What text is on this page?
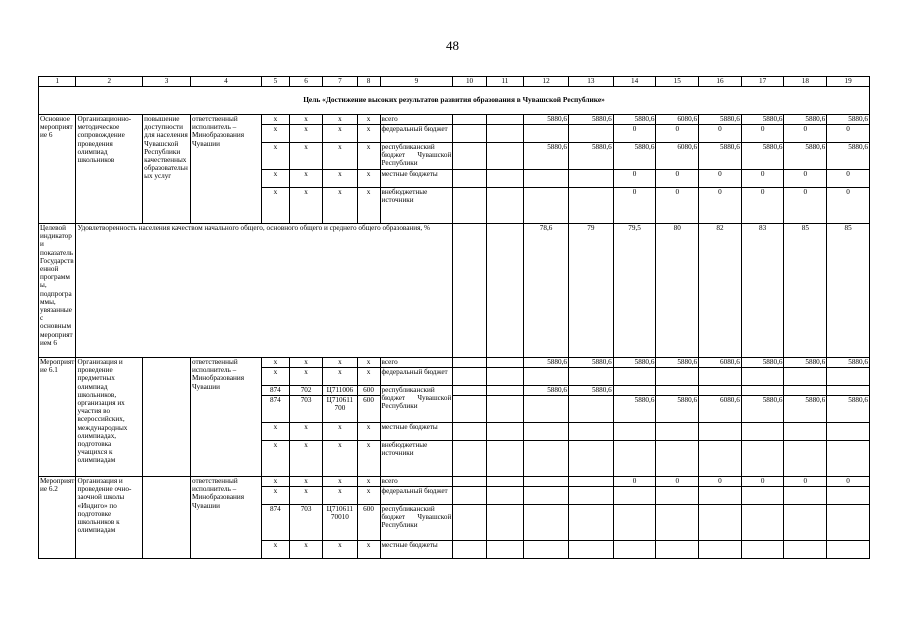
48
1	2	3	4	5	6	7	8	9	10	11	12	13	14	15	16	17	18	19
Цель «Достижение высоких результатов развития образования в Чувашской Республике»																		
Основное мероприятие 6	Организационно-методическое сопровождение проведения олимпиад школьников	повышение доступности для населения Чувашской Республики качественных образовательных услуг	ответственный исполнитель – Минобразования Чувашии	x	x	x	x	всего			5880,6	5880,6	5880,6	6080,6	5880,6	5880,6	5880,6	5880,6
				x	x	x	x	федеральный бюджет					0	0	0	0	0	0
				x	x	x	x	республиканский бюджет Чувашской Республики			5880,6	5880,6	5880,6	6080,6	5880,6	5880,6	5880,6	5880,6
				x	x	x	x	местные бюджеты					0	0	0	0	0	0
				x	x	x	x	внебюджетные источники					0	0	0	0	0	0
Целевой индикатор и показатель Государственной программы, подпрограммы, увязанные с основным мероприятием 6	Удовлетворенность населения качеством начального общего, основного общего и среднего общего образования, %										78,6	79	79,5	80	82	83	85	85
Мероприятие 6.1	Организация и проведение предметных олимпиад школьников, организация их участия во всероссийских, международных олимпиадах, подготовка учащихся к олимпиадам		ответственный исполнитель – Минобразования Чувашии	x	x	x	x	всего			5880,6	5880,6	5880,6	5880,6	6080,6	5880,6	5880,6	5880,6
				x	x	x	x	федеральный бюджет										
				874	702	Ц711006	600	республиканский бюджет Чувашской Республики			5880,6	5880,6						
				874	703	Ц710611 700	600						5880,6	5880,6	6080,6	5880,6	5880,6	5880,6
				x	x	x	x	местные бюджеты										
				x	x	x	x	внебюджетные источники										
Мероприятие 6.2	Организация и проведение очно-заочной школы «Индиго» по подготовке школьников к олимпиадам		ответственный исполнитель – Минобразования Чувашии	x	x	x	x	всего					0	0	0	0	0	0
				x	x	x	x	федеральный бюджет										
				874	703	Ц710611 70010	600	республиканский бюджет Чувашской Республики										
				x	x	x	x	местные бюджеты										
